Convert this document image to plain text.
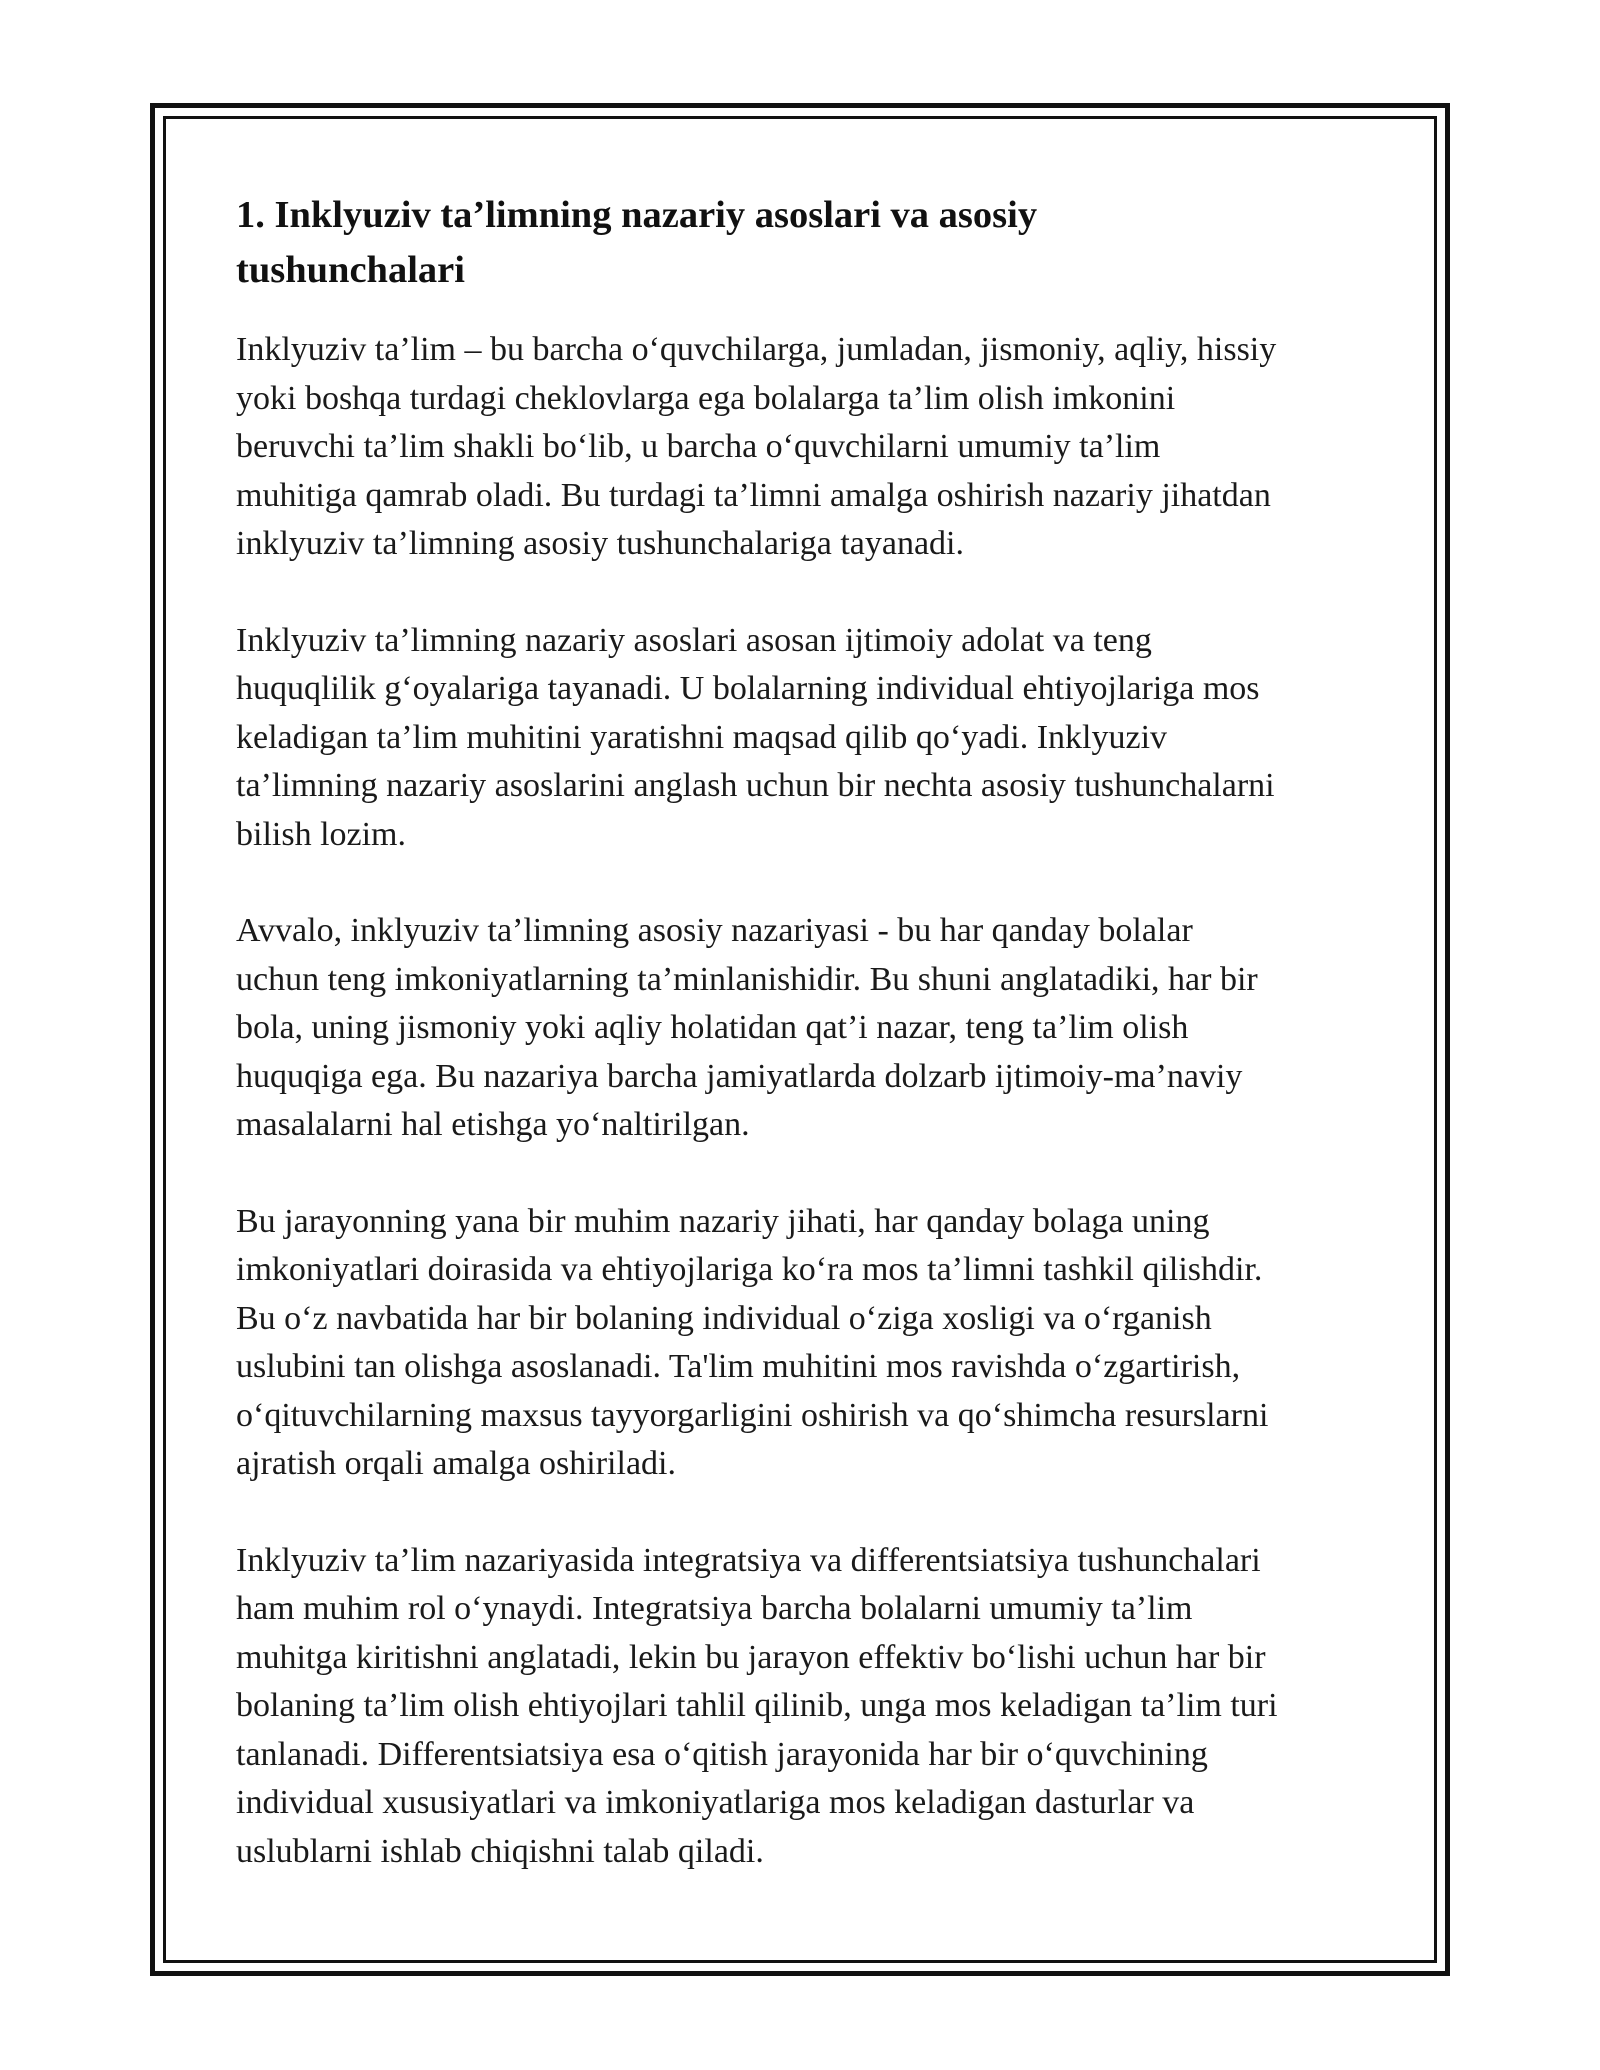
1. Inklyuziv ta’limning nazariy asoslari va asosiy
tushunchalari
Inklyuziv ta’lim – bu barcha o‘quvchilarga, jumladan, jismoniy, aqliy, hissiy
yoki boshqa turdagi cheklovlarga ega bolalarga ta’lim olish imkonini
beruvchi ta’lim shakli bo‘lib, u barcha o‘quvchilarni umumiy ta’lim
muhitiga qamrab oladi. Bu turdagi ta’limni amalga oshirish nazariy jihatdan
inklyuziv ta’limning asosiy tushunchalariga tayanadi.
Inklyuziv ta’limning nazariy asoslari asosan ijtimoiy adolat va teng
huquqlilik g‘oyalariga tayanadi. U bolalarning individual ehtiyojlariga mos
keladigan ta’lim muhitini yaratishni maqsad qilib qo‘yadi. Inklyuziv
ta’limning nazariy asoslarini anglash uchun bir nechta asosiy tushunchalarni
bilish lozim.
Avvalo, inklyuziv ta’limning asosiy nazariyasi - bu har qanday bolalar
uchun teng imkoniyatlarning ta’minlanishidir. Bu shuni anglatadiki, har bir
bola, uning jismoniy yoki aqliy holatidan qat’i nazar, teng ta’lim olish
huquqiga ega. Bu nazariya barcha jamiyatlarda dolzarb ijtimoiy-ma’naviy
masalalarni hal etishga yo‘naltirilgan.
Bu jarayonning yana bir muhim nazariy jihati, har qanday bolaga uning
imkoniyatlari doirasida va ehtiyojlariga ko‘ra mos ta’limni tashkil qilishdir.
Bu o‘z navbatida har bir bolaning individual o‘ziga xosligi va o‘rganish
uslubini tan olishga asoslanadi. Ta'lim muhitini mos ravishda o‘zgartirish,
o‘qituvchilarning maxsus tayyorgarligini oshirish va qo‘shimcha resurslarni
ajratish orqali amalga oshiriladi.
Inklyuziv ta’lim nazariyasida integratsiya va differentsiatsiya tushunchalari
ham muhim rol o‘ynaydi. Integratsiya barcha bolalarni umumiy ta’lim
muhitga kiritishni anglatadi, lekin bu jarayon effektiv bo‘lishi uchun har bir
bolaning ta’lim olish ehtiyojlari tahlil qilinib, unga mos keladigan ta’lim turi
tanlanadi. Differentsiatsiya esa o‘qitish jarayonida har bir o‘quvchining
individual xususiyatlari va imkoniyatlariga mos keladigan dasturlar va
uslublarni ishlab chiqishni talab qiladi.
